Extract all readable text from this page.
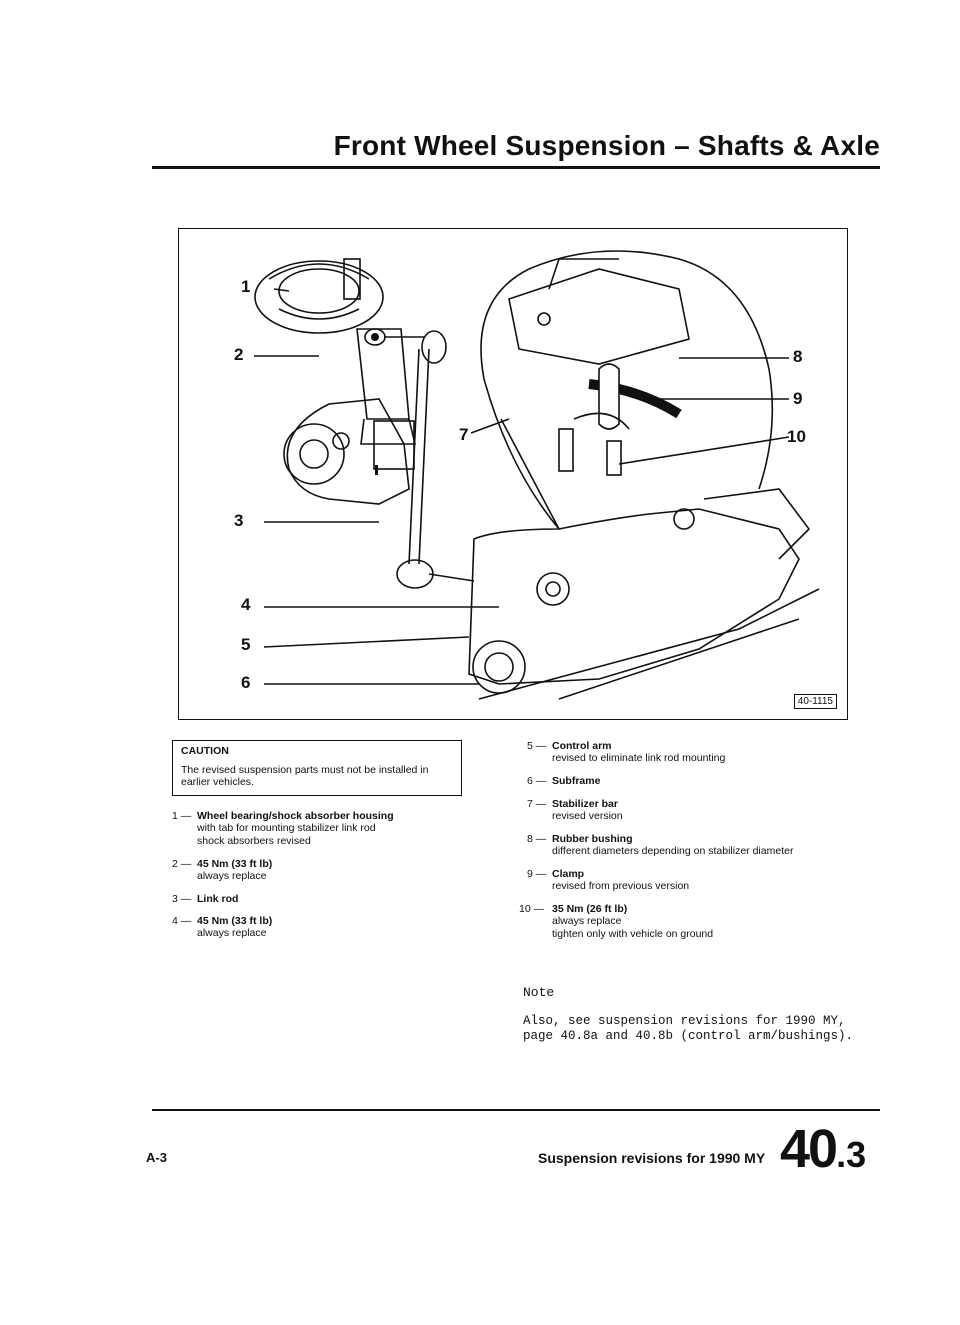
Front Wheel Suspension – Shafts & Axle
1
2
3
4
5
6
7
8
9
10
40-1115
CAUTION
The revised suspension parts must not be installed in earlier vehicles.
1 — Wheel bearing/shock absorber housing
with tab for mounting stabilizer link rod
shock absorbers revised
2 — 45 Nm (33 ft lb)
always replace
3 — Link rod
4 — 45 Nm (33 ft lb)
always replace
5 — Control arm
revised to eliminate link rod mounting
6 — Subframe
7 — Stabilizer bar
revised version
8 — Rubber bushing
different diameters depending on stabilizer diameter
9 — Clamp
revised from previous version
10 — 35 Nm (26 ft lb)
always replace
tighten only with vehicle on ground
Note
Also, see suspension revisions for 1990 MY, page 40.8a and 40.8b (control arm/bushings).
A-3	Suspension revisions for 1990 MY 40.3
